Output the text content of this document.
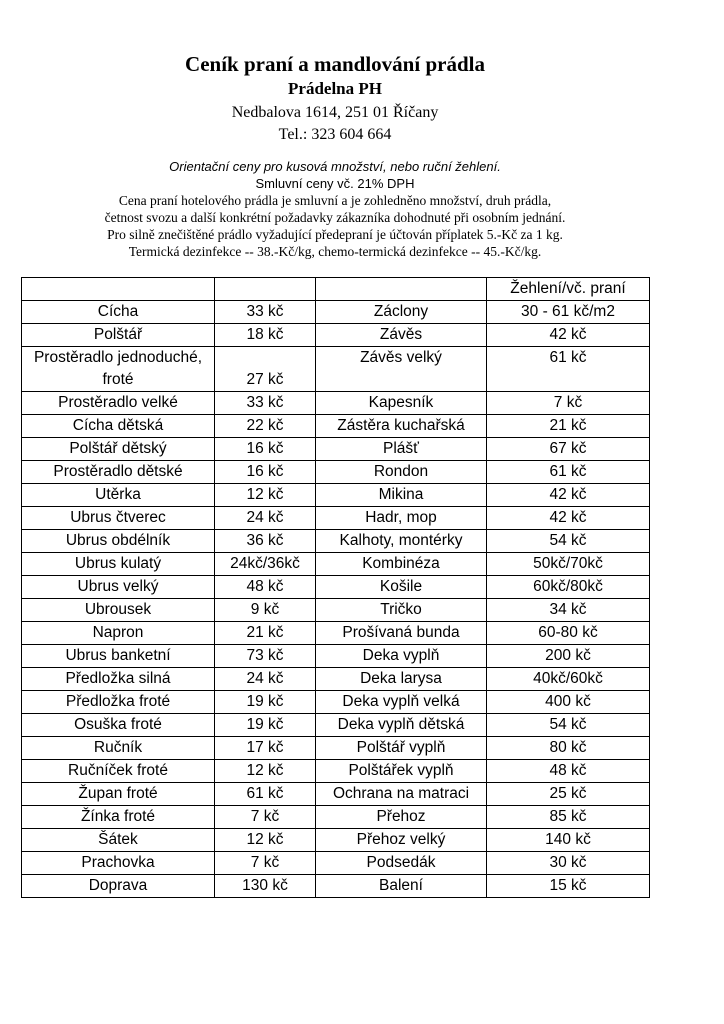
Ceník praní a mandlování prádla
Prádelna PH
Nedbalova 1614, 251 01 Říčany
Tel.: 323 604 664
Orientační ceny pro kusová množství, nebo ruční žehlení.
Smluvní ceny vč. 21% DPH
Cena praní hotelového prádla je smluvní a je zohledněno množství, druh prádla,
četnost svozu a další konkrétní požadavky zákazníka dohodnuté při osobním jednání.
Pro silně znečištěné prádlo vyžadující předepraní je účtován příplatek 5.-Kč za 1 kg.
Termická dezinfekce -- 38.-Kč/kg, chemo-termická dezinfekce -- 45.-Kč/kg.
			Žehlení/vč. praní
Cícha	33 kč	Záclony	30 - 61 kč/m2
Polštář	18 kč	Závěs	42 kč
Prostěradlo jednoduché, froté	27 kč	Závěs velký	61 kč
Prostěradlo velké	33 kč	Kapesník	7 kč
Cícha dětská	22 kč	Zástěra kuchařská	21 kč
Polštář dětský	16 kč	Plášť	67 kč
Prostěradlo dětské	16 kč	Rondon	61 kč
Utěrka	12 kč	Mikina	42 kč
Ubrus čtverec	24 kč	Hadr, mop	42 kč
Ubrus obdélník	36 kč	Kalhoty, montérky	54 kč
Ubrus kulatý	24kč/36kč	Kombinéza	50kč/70kč
Ubrus velký	48 kč	Košile	60kč/80kč
Ubrousek	9 kč	Tričko	34 kč
Napron	21 kč	Prošívaná bunda	60-80 kč
Ubrus banketní	73 kč	Deka vyplň	200 kč
Předložka silná	24 kč	Deka larysa	40kč/60kč
Předložka froté	19 kč	Deka vyplň velká	400 kč
Osuška froté	19 kč	Deka vyplň dětská	54 kč
Ručník	17 kč	Polštář vyplň	80 kč
Ručníček froté	12 kč	Polštářek vyplň	48 kč
Župan froté	61 kč	Ochrana na matraci	25 kč
Žínka froté	7 kč	Přehoz	85 kč
Šátek	12 kč	Přehoz velký	140 kč
Prachovka	7 kč	Podsedák	30 kč
Doprava	130 kč	Balení	15 kč
